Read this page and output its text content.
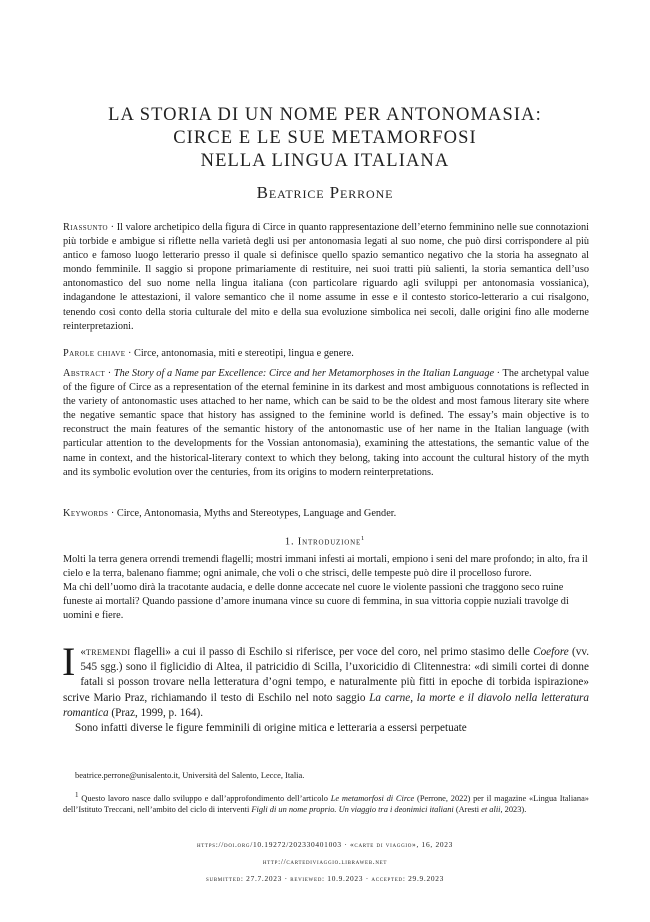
LA STORIA DI UN NOME PER ANTONOMASIA:
CIRCE E LE SUE METAMORFOSI
NELLA LINGUA ITALIANA
Beatrice Perrone

Riassunto · Il valore archetipico della figura di Circe in quanto rappresentazione dell’eterno femminino nelle sue connotazioni più torbide e ambigue si riflette nella varietà degli usi per antonomasia legati al suo nome, che può dirsi corrispondere al più antico e famoso luogo letterario presso il quale si definisce quello spazio semantico negativo che la storia ha assegnato al mondo femminile. Il saggio si propone primariamente di restituire, nei suoi tratti più salienti, la storia semantica dell’uso antonomastico del suo nome nella lingua italiana (con particolare riguardo agli sviluppi per antonomasia vossianica), indagandone le attestazioni, il valore semantico che il nome assume in esse e il contesto storico-letterario a cui risalgono, tenendo così conto della storia culturale del mito e della sua evoluzione simbolica nei secoli, dalle origini fino alle moderne reinterpretazioni.

Parole chiave · Circe, antonomasia, miti e stereotipi, lingua e genere.

Abstract · The Story of a Name par Excellence: Circe and her Metamorphoses in the Italian Language · The archetypal value of the figure of Circe as a representation of the eternal feminine in its darkest and most ambiguous connotations is reflected in the variety of antonomastic uses attached to her name, which can be said to be the oldest and most famous literary site where the negative semantic space that history has assigned to the feminine world is defined. The essay’s main objective is to reconstruct the main features of the semantic history of the antonomastic use of her name in the Italian language (with particular attention to the developments for the Vossian antonomasia), examining the attestations, the semantic value of the name in context, and the historical-literary context to which they belong, taking into account the cultural history of the myth and its symbolic evolution over the centuries, from its origins to modern reinterpretations.

Keywords · Circe, Antonomasia, Myths and Stereotypes, Language and Gender.

1. Introduzione$^1$

Molti la terra genera orrendi tremendi flagelli; mostri immani infesti ai mortali, empiono i seni del mare profondo; in alto, fra il cielo e la terra, balenano fiamme; ogni animale, che voli o che strisci, delle tempeste può dire il procelloso furore.

Ma chi dell’uomo dirà la tracotante audacia, e delle donne accecate nel cuore le violente passioni che traggono seco ruine funeste ai mortali? Quando passione d’amore inumana vince su cuore di femmina, in sua vittoria coppie nuziali travolge di uomini e fiere.

I «tremendi flagelli» a cui il passo di Eschilo si riferisce, per voce del coro, nel primo stasimo delle Coefore (vv. 545 sgg.) sono il figlicidio di Altea, il patricidio di Scilla, l’uxoricidio di Clitennestra: «di simili cortei di donne fatali si posson trovare nella letteratura d’ogni tempo, e naturalmente più fitti in epoche di torbida ispirazione» scrive Mario Praz, richiamando il testo di Eschilo nel noto saggio La carne, la morte e il diavolo nella letteratura romantica (Praz, 1999, p. 164).

Sono infatti diverse le figure femminili di origine mitica e letteraria a essersi perpetuate

beatrice.perrone@unisalento.it, Università del Salento, Lecce, Italia.

$^1$ Questo lavoro nasce dallo sviluppo e dall’approfondimento dell’articolo Le metamorfosi di Circe (Perrone, 2022) per il magazine «Lingua Italiana» dell’Istituto Treccani, nell’ambito del ciclo di interventi Figli di un nome proprio. Un viaggio tra i deonimici italiani (Aresti et alii, 2023).

https://doi.org/10.19272/202330401003 · «carte di viaggio», 16, 2023
http://cartediviaggio.libraweb.net
submitted: 27.7.2023 · reviewed: 10.9.2023 · accepted: 29.9.2023
